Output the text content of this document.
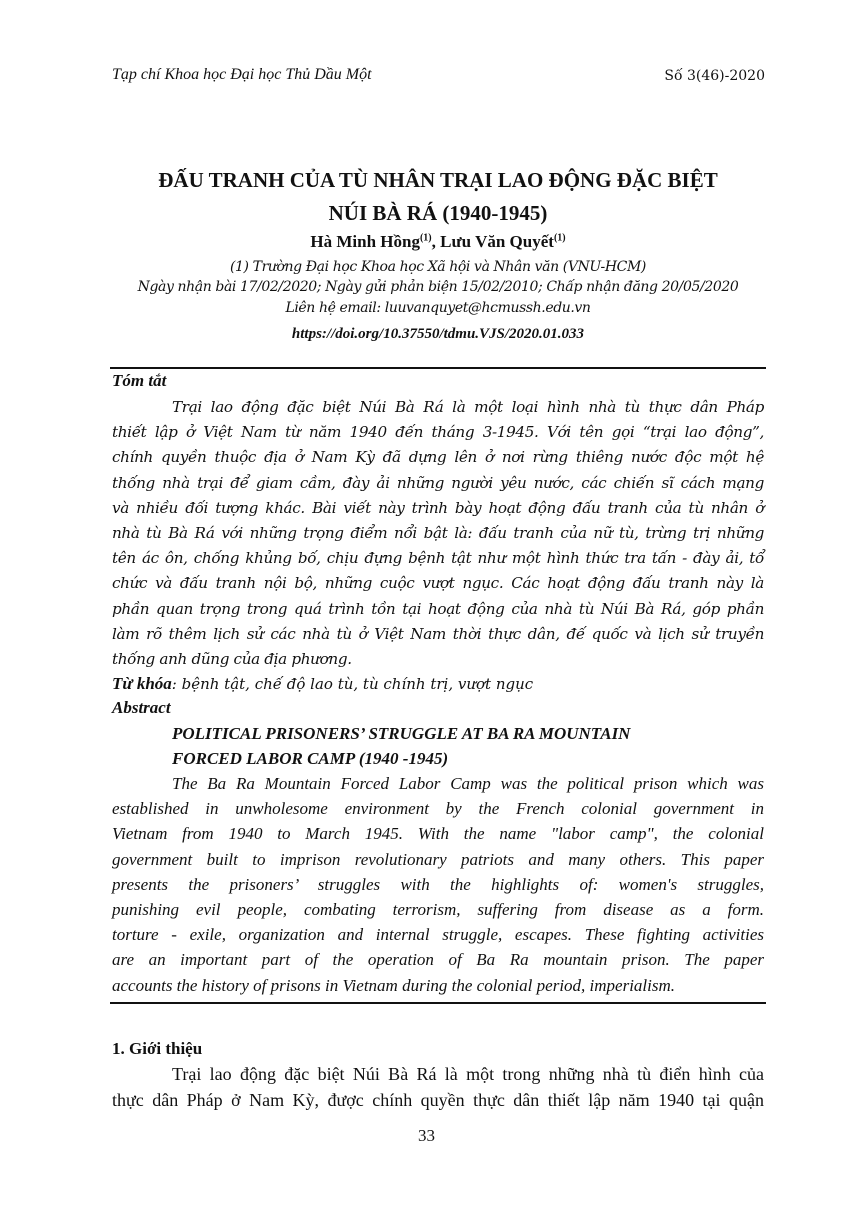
Tạp chí Khoa học Đại học Thủ Dầu Một	Số 3(46)-2020
ĐẤU TRANH CỦA TÙ NHÂN TRẠI LAO ĐỘNG ĐẶC BIỆT
NÚI BÀ RÁ (1940-1945)
Hà Minh Hồng$^{(1)}$, Lưu Văn Quyết$^{(1)}$
(1) Trường Đại học Khoa học Xã hội và Nhân văn (VNU-HCM)
Ngày nhận bài 17/02/2020; Ngày gửi phản biện 15/02/2010; Chấp nhận đăng 20/05/2020
Liên hệ email: luuvanquyet@hcmussh.edu.vn
https://doi.org/10.37550/tdmu.VJS/2020.01.033
Tóm tắt
Trại lao động đặc biệt Núi Bà Rá là một loại hình nhà tù thực dân Pháp
thiết lập ở Việt Nam từ năm 1940 đến tháng 3-1945. Với tên gọi “trại lao động”,
chính quyền thuộc địa ở Nam Kỳ đã dựng lên ở nơi rừng thiêng nước độc một hệ
thống nhà trại để giam cầm, đày ải những người yêu nước, các chiến sĩ cách mạng
và nhiều đối tượng khác. Bài viết này trình bày hoạt động đấu tranh của tù nhân ở
nhà tù Bà Rá với những trọng điểm nổi bật là: đấu tranh của nữ tù, trừng trị những
tên ác ôn, chống khủng bố, chịu đựng bệnh tật như một hình thức tra tấn - đày ải, tổ
chức và đấu tranh nội bộ, những cuộc vượt ngục. Các hoạt động đấu tranh này là
phần quan trọng trong quá trình tồn tại hoạt động của nhà tù Núi Bà Rá, góp phần
làm rõ thêm lịch sử các nhà tù ở Việt Nam thời thực dân, đế quốc và lịch sử truyền
thống anh dũng của địa phương.
Từ khóa: bệnh tật, chế độ lao tù, tù chính trị, vượt ngục
Abstract
POLITICAL PRISONERS’ STRUGGLE AT BA RA MOUNTAIN
FORCED LABOR CAMP (1940 -1945)
The Ba Ra Mountain Forced Labor Camp was the political prison which was
established in unwholesome environment by the French colonial government in
Vietnam from 1940 to March 1945. With the name "labor camp", the colonial
government built to imprison revolutionary patriots and many others. This paper
presents the prisoners’ struggles with the highlights of: women's struggles,
punishing evil people, combating terrorism, suffering from disease as a form.
torture - exile, organization and internal struggle, escapes. These fighting activities
are an important part of the operation of Ba Ra mountain prison. The paper
accounts the history of prisons in Vietnam during the colonial period, imperialism.
1. Giới thiệu
Trại lao động đặc biệt Núi Bà Rá là một trong những nhà tù điển hình của
thực dân Pháp ở Nam Kỳ, được chính quyền thực dân thiết lập năm 1940 tại quận
33
